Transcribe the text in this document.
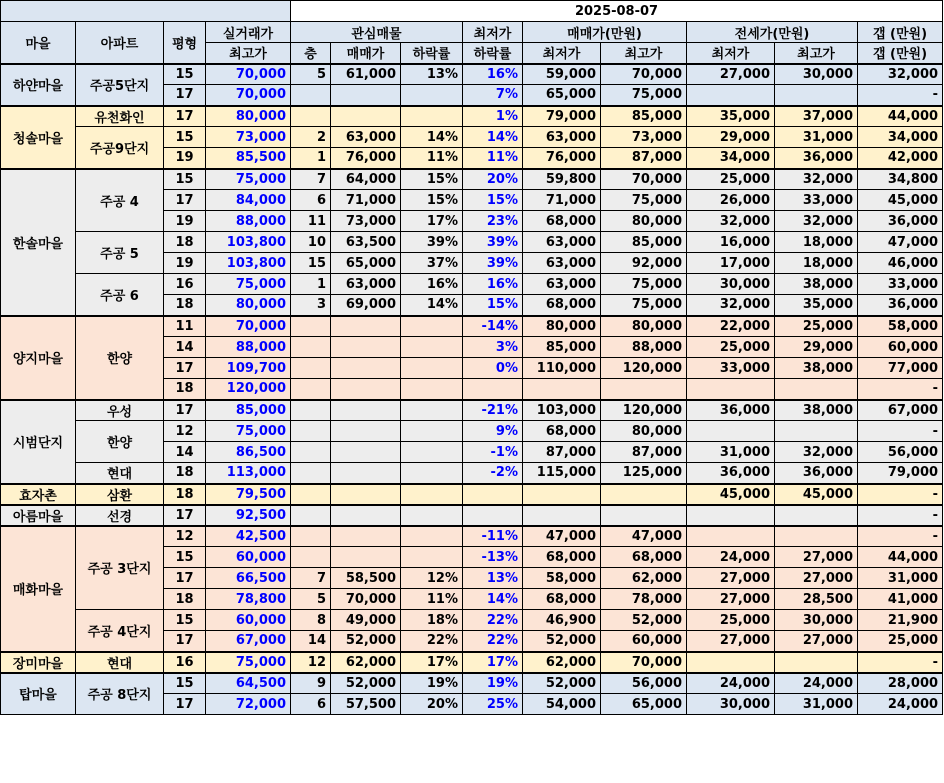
				2025-08-07								
마을	아파트	평형	실거래가	관심매물			최저가	매매가(만원)		전세가(만원)		갭 (만원)
			최고가	층	매매가	하락률	하락률	최저가	최고가	최저가	최고가	갭 (만원)
하얀마을	주공5단지	15	70,000	5	61,000	13%	16%	59,000	70,000	27,000	30,000	32,000
		17	70,000				7%	65,000	75,000			-
청솔마을	유천화인	17	80,000				1%	79,000	85,000	35,000	37,000	44,000
	주공9단지	15	73,000	2	63,000	14%	14%	63,000	73,000	29,000	31,000	34,000
		19	85,500	1	76,000	11%	11%	76,000	87,000	34,000	36,000	42,000
한솔마을	주공 4	15	75,000	7	64,000	15%	20%	59,800	70,000	25,000	32,000	34,800
		17	84,000	6	71,000	15%	15%	71,000	75,000	26,000	33,000	45,000
		19	88,000	11	73,000	17%	23%	68,000	80,000	32,000	32,000	36,000
	주공 5	18	103,800	10	63,500	39%	39%	63,000	85,000	16,000	18,000	47,000
		19	103,800	15	65,000	37%	39%	63,000	92,000	17,000	18,000	46,000
	주공 6	16	75,000	1	63,000	16%	16%	63,000	75,000	30,000	38,000	33,000
		18	80,000	3	69,000	14%	15%	68,000	75,000	32,000	35,000	36,000
양지마을	한양	11	70,000				-14%	80,000	80,000	22,000	25,000	58,000
		14	88,000				3%	85,000	88,000	25,000	29,000	60,000
		17	109,700				0%	110,000	120,000	33,000	38,000	77,000
		18	120,000									-
시범단지	우성	17	85,000				-21%	103,000	120,000	36,000	38,000	67,000
	한양	12	75,000				9%	68,000	80,000			-
		14	86,500				-1%	87,000	87,000	31,000	32,000	56,000
	현대	18	113,000				-2%	115,000	125,000	36,000	36,000	79,000
효자촌	삼환	18	79,500							45,000	45,000	-
아름마을	선경	17	92,500									-
매화마을	주공 3단지	12	42,500				-11%	47,000	47,000			-
		15	60,000				-13%	68,000	68,000	24,000	27,000	44,000
		17	66,500	7	58,500	12%	13%	58,000	62,000	27,000	27,000	31,000
		18	78,800	5	70,000	11%	14%	68,000	78,000	27,000	28,500	41,000
	주공 4단지	15	60,000	8	49,000	18%	22%	46,900	52,000	25,000	30,000	21,900
		17	67,000	14	52,000	22%	22%	52,000	60,000	27,000	27,000	25,000
장미마을	현대	16	75,000	12	62,000	17%	17%	62,000	70,000			-
탑마을	주공 8단지	15	64,500	9	52,000	19%	19%	52,000	56,000	24,000	24,000	28,000
		17	72,000	6	57,500	20%	25%	54,000	65,000	30,000	31,000	24,000
